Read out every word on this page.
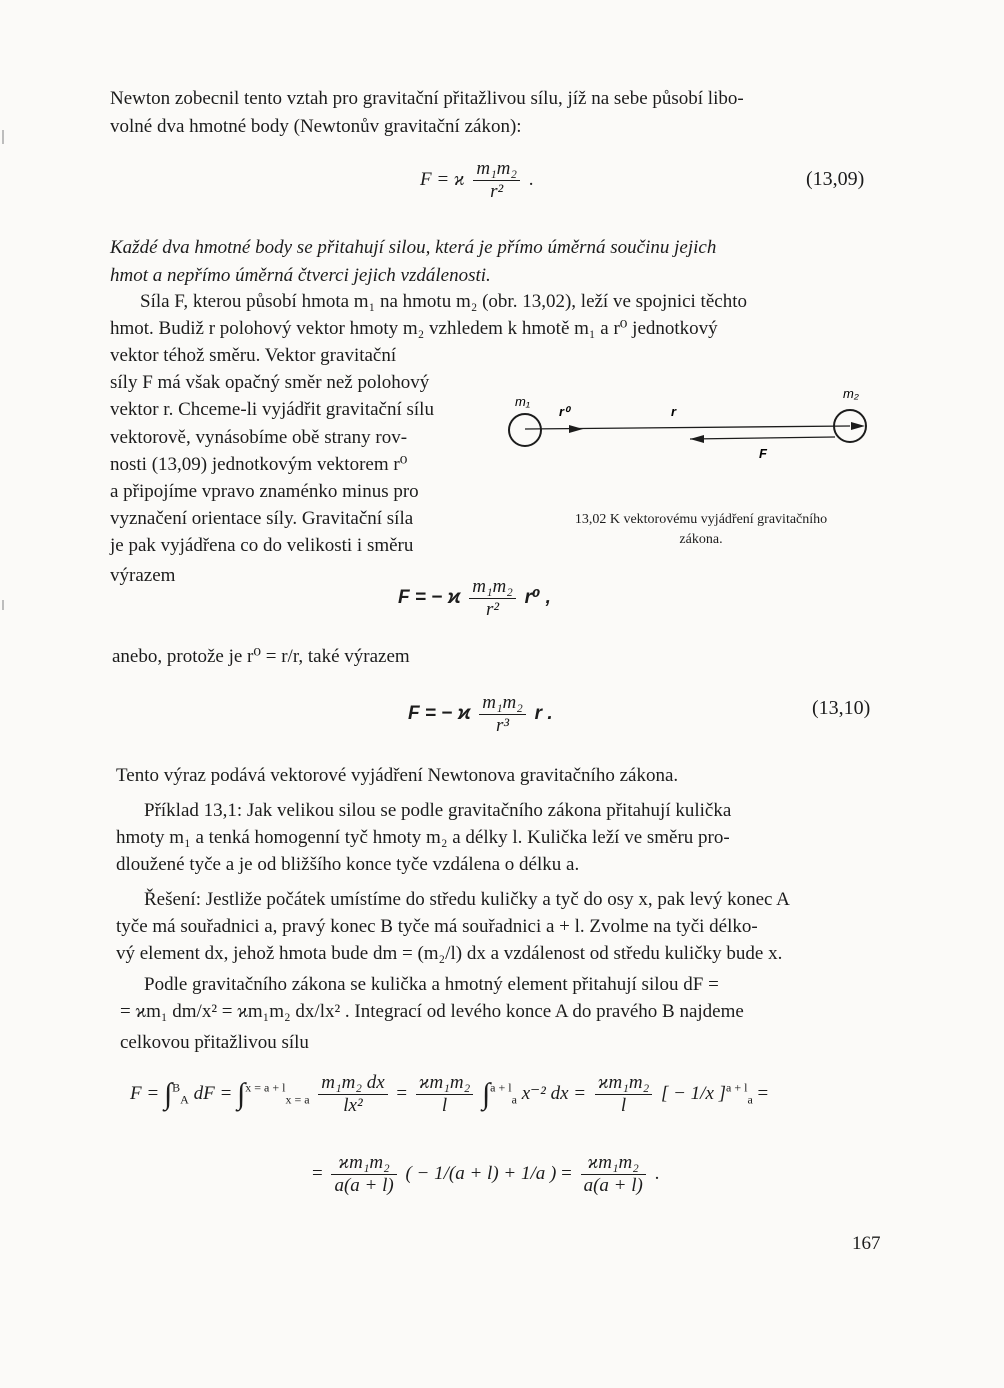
Newton zobecnil tento vztah pro gravitační přitažlivou sílu, jíž na sebe působí libo-
volné dva hmotné body (Newtonův gravitační zákon):
F = ϰ $\frac{\text{m₁m₂}}{\text{r²}}$ .	(13,09)
Každé dva hmotné body se přitahují silou, která je přímo úměrná součinu jejich
hmot a nepřímo úměrná čtverci jejich vzdálenosti.
Síla F, kterou působí hmota m₁ na hmotu m₂ (obr. 13,02), leží ve spojnici těchto
hmot. Budiž r polohový vektor hmoty m₂ vzhledem k hmotě m₁ a r⁰ jednotkový
vektor téhož směru. Vektor gravitační
síly F má však opačný směr než polohový
vektor r. Chceme-li vyjádřit gravitační sílu
vektorově, vynásobíme obě strany rov-
nosti (13,09) jednotkovým vektorem r⁰
a připojíme vpravo znaménko minus pro
vyznačení orientace síly. Gravitační síla
je pak vyjádřena co do velikosti i směru
výrazem
m₁
m₂
r⁰	r
F
13,02 K vektorovému vyjádření gravitačního
zákona.
F = − ϰ $\frac{\text{m₁m₂}}{\text{r²}} r^0$ ,
anebo, protože je r⁰ = r/r, také výrazem
F = − ϰ $\frac{\text{m₁m₂}}{\text{r³}}$ r .	(13,10)
Tento výraz podává vektorové vyjádření Newtonova gravitačního zákona.
Příklad 13,1: Jak velikou silou se podle gravitačního zákona přitahují kulička
hmoty m₁ a tenká homogenní tyč hmoty m₂ a délky l. Kulička leží ve směru pro-
dloužené tyče a je od bližšího konce tyče vzdálena o délku a.
Řešení: Jestliže počátek umístíme do středu kuličky a tyč do osy x, pak levý konec A
tyče má souřadnici a, pravý konec B tyče má souřadnici a + l. Zvolme na tyči délko-
vý element dx, jehož hmota bude dm = (m₂/l) dx a vzdálenost od středu kuličky bude x.
Podle gravitačního zákona se kulička a hmotný element přitahují silou dF =
= ϰm₁ dm/x² = ϰm₁m₂ dx/lx² . Integrací od levého konce A do pravého B najdeme
celkovou přitažlivou sílu
F = ∫$^B_A$ dF = $\int^{x = a + l}_{x = a} \frac{\text{m₁m₂ dx}}{\text{lx²}} = \frac{\text{ϰm₁m₂}}{l} \int^{a + l}_a$ x⁻² dx = $\frac{\text{ϰm₁m₂}}{l}$ [ − 1/x ]$^{a + l}_a$ =
= $\frac{\text{ϰm₁m₂}}{a(a + l)}$ ( − 1/(a + l) + 1/a ) = $\frac{\text{ϰm₁m₂}}{a(a + l)}$ .
167
